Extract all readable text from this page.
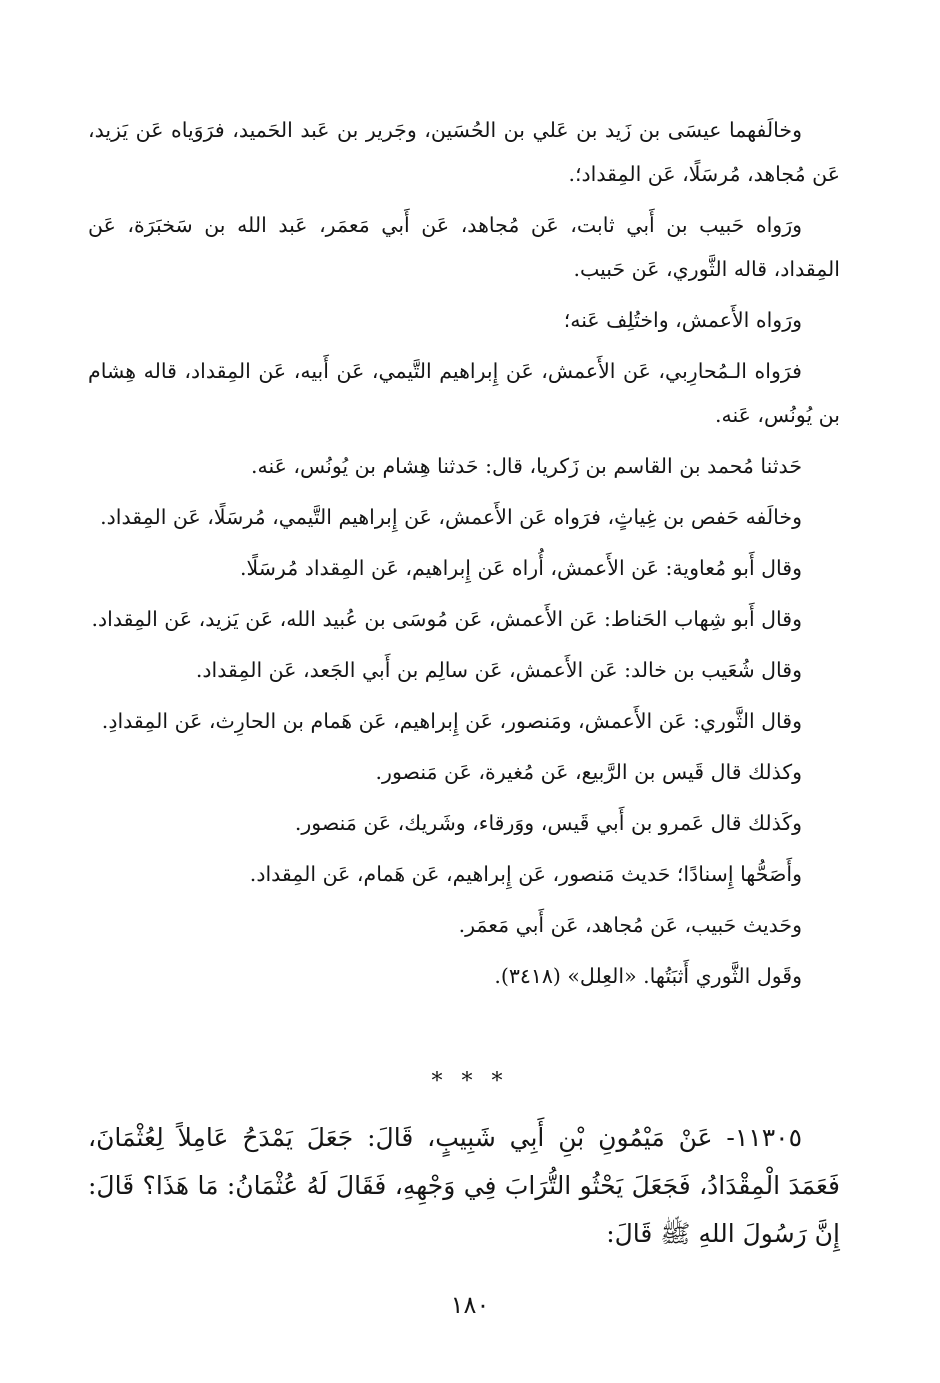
وخالَفهما عيسَى بن زَيد بن عَلي بن الحُسَين، وجَرير بن عَبد الحَميد، فرَوَياه عَن يَزيد، عَن مُجاهد، مُرسَلًا، عَن المِقداد؛.

ورَواه حَبيب بن أَبي ثابت، عَن مُجاهد، عَن أَبي مَعمَر، عَبد الله بن سَخبَرَة، عَن المِقداد، قاله الثَّوري، عَن حَبيب.

ورَواه الأَعمش، واختُلِف عَنه؛

فرَواه الـمُحارِبي، عَن الأَعمش، عَن إِبراهيم التَّيمي، عَن أَبيه، عَن المِقداد، قاله هِشام بن يُونُس، عَنه.

حَدثنا مُحمد بن القاسم بن زَكريا، قال: حَدثنا هِشام بن يُونُس، عَنه.

وخالَفه حَفص بن غِياثٍ، فرَواه عَن الأَعمش، عَن إِبراهيم التَّيمي، مُرسَلًا، عَن المِقداد.

وقال أَبو مُعاوية: عَن الأَعمش، أُراه عَن إِبراهيم، عَن المِقداد مُرسَلًا.

وقال أَبو شِهاب الحَناط: عَن الأَعمش، عَن مُوسَى بن عُبيد الله، عَن يَزيد، عَن المِقداد.

وقال شُعَيب بن خالد: عَن الأَعمش، عَن سالِم بن أَبي الجَعد، عَن المِقداد.

وقال الثَّوري: عَن الأَعمش، ومَنصور، عَن إِبراهيم، عَن هَمام بن الحارِث، عَن المِقدادِ.

وكذلك قال قَيس بن الرَّبيع، عَن مُغيرة، عَن مَنصور.

وكَذلك قال عَمرو بن أَبي قَيس، ووَرقاء، وشَريك، عَن مَنصور.

وأَصَحُّها إِسنادًا؛ حَديث مَنصور، عَن إِبراهيم، عَن هَمام، عَن المِقداد.

وحَديث حَبيب، عَن مُجاهد، عَن أَبي مَعمَر.

وقَول الثَّوري أَثبَتُها. «العِلل» (٣٤١٨).

* * *

١١٣٠٥- عَنْ مَيْمُونِ بْنِ أَبِي شَبِيبٍ، قَالَ: جَعَلَ يَمْدَحُ عَامِلاً لِعُثْمَانَ، فَعَمَدَ الْمِقْدَادُ، فَجَعَلَ يَحْثُو التُّرَابَ فِي وَجْهِهِ، فَقَالَ لَهُ عُثْمَانُ: مَا هَذَا؟ قَالَ: إِنَّ رَسُولَ اللهِ ﷺ قَالَ:

١٨٠
